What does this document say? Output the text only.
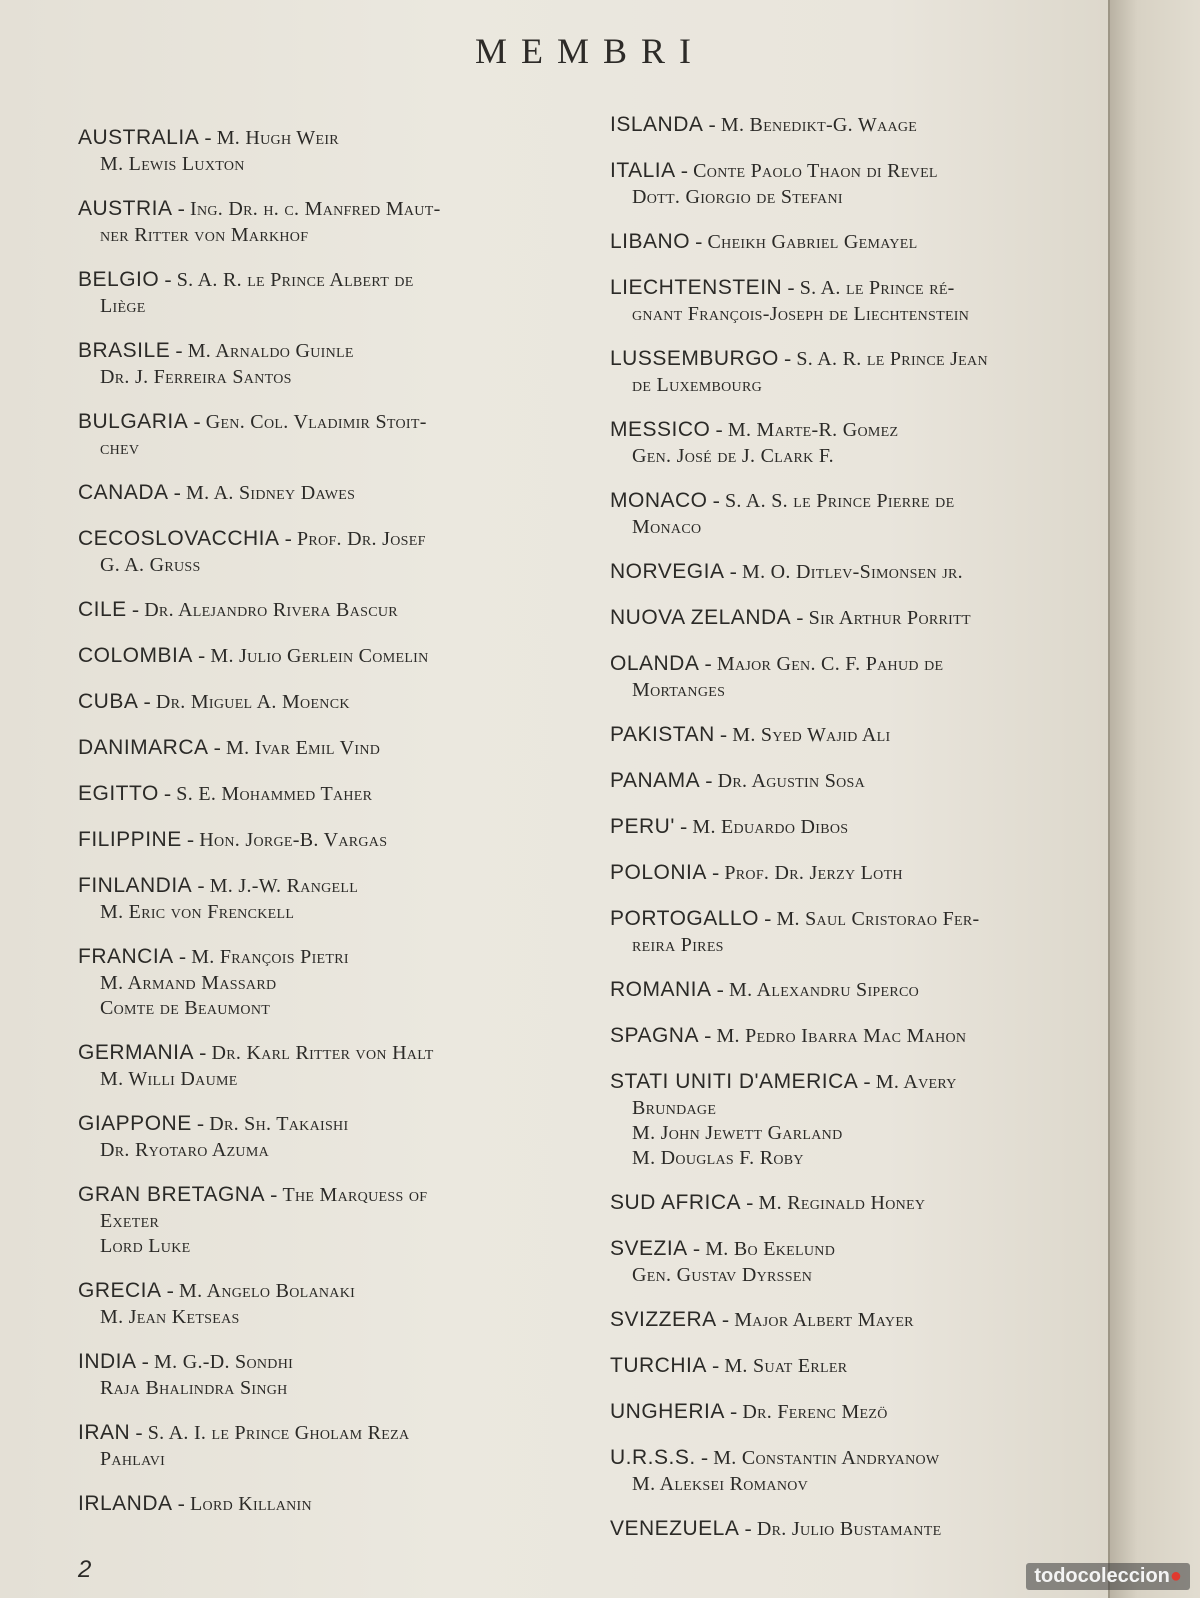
MEMBRI
AUSTRALIA - M. Hugh Weir
M. Lewis Luxton
AUSTRIA - Ing. Dr. h. c. Manfred Maut-
ner Ritter von Markhof
BELGIO - S. A. R. le Prince Albert de
Liège
BRASILE - M. Arnaldo Guinle
Dr. J. Ferreira Santos
BULGARIA - Gen. Col. Vladimir Stoit-
chev
CANADA - M. A. Sidney Dawes
CECOSLOVACCHIA - Prof. Dr. Josef
G. A. Gruss
CILE - Dr. Alejandro Rivera Bascur
COLOMBIA - M. Julio Gerlein Comelin
CUBA - Dr. Miguel A. Moenck
DANIMARCA - M. Ivar Emil Vind
EGITTO - S. E. Mohammed Taher
FILIPPINE - Hon. Jorge-B. Vargas
FINLANDIA - M. J.-W. Rangell
M. Eric von Frenckell
FRANCIA - M. François Pietri
M. Armand Massard
Comte de Beaumont
GERMANIA - Dr. Karl Ritter von Halt
M. Willi Daume
GIAPPONE - Dr. Sh. Takaishi
Dr. Ryotaro Azuma
GRAN BRETAGNA - The Marquess of
Exeter
Lord Luke
GRECIA - M. Angelo Bolanaki
M. Jean Ketseas
INDIA - M. G.-D. Sondhi
Raja Bhalindra Singh
IRAN - S. A. I. le Prince Gholam Reza
Pahlavi
IRLANDA - Lord Killanin
ISLANDA - M. Benedikt-G. Waage
ITALIA - Conte Paolo Thaon di Revel
Dott. Giorgio de Stefani
LIBANO - Cheikh Gabriel Gemayel
LIECHTENSTEIN - S. A. le Prince ré-
gnant François-Joseph de Liechtenstein
LUSSEMBURGO - S. A. R. le Prince Jean
de Luxembourg
MESSICO - M. Marte-R. Gomez
Gen. José de J. Clark F.
MONACO - S. A. S. le Prince Pierre de
Monaco
NORVEGIA - M. O. Ditlev-Simonsen jr.
NUOVA ZELANDA - Sir Arthur Porritt
OLANDA - Major Gen. C. F. Pahud de
Mortanges
PAKISTAN - M. Syed Wajid Ali
PANAMA - Dr. Agustin Sosa
PERU' - M. Eduardo Dibos
POLONIA - Prof. Dr. Jerzy Loth
PORTOGALLO - M. Saul Cristorao Fer-
reira Pires
ROMANIA - M. Alexandru Siperco
SPAGNA - M. Pedro Ibarra Mac Mahon
STATI UNITI D'AMERICA - M. Avery
Brundage
M. John Jewett Garland
M. Douglas F. Roby
SUD AFRICA - M. Reginald Honey
SVEZIA - M. Bo Ekelund
Gen. Gustav Dyrssen
SVIZZERA - Major Albert Mayer
TURCHIA - M. Suat Erler
UNGHERIA - Dr. Ferenc Mezö
U.R.S.S. - M. Constantin Andryanow
M. Aleksei Romanov
VENEZUELA - Dr. Julio Bustamante
2	todocoleccion●
